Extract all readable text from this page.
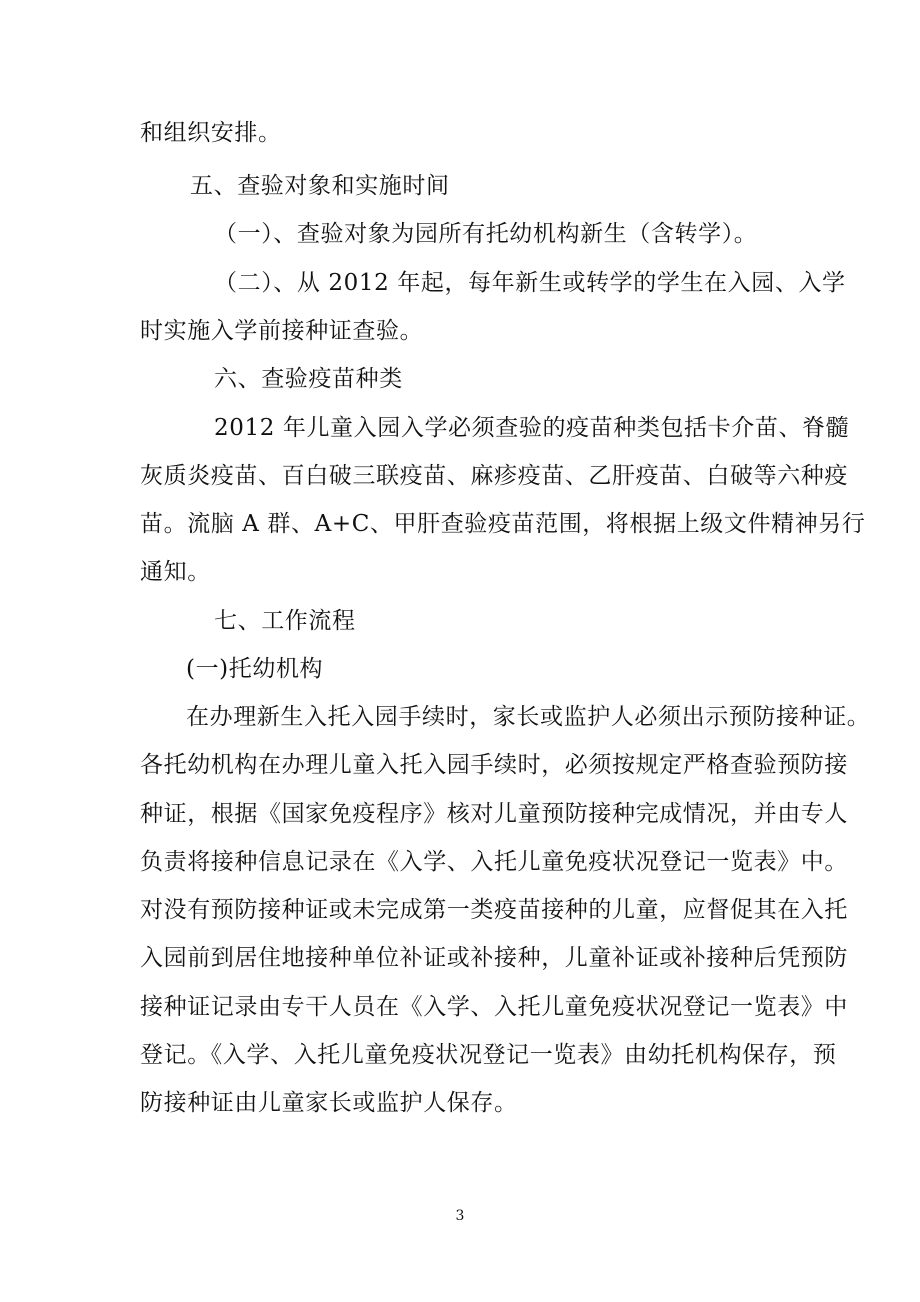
和组织安排。
五、查验对象和实施时间
（一）、查验对象为园所有托幼机构新生（含转学）。
（二）、从 2012 年起，每年新生或转学的学生在入园、入学
时实施入学前接种证查验。
六、查验疫苗种类
2012 年儿童入园入学必须查验的疫苗种类包括卡介苗、脊髓
灰质炎疫苗、百白破三联疫苗、麻疹疫苗、乙肝疫苗、白破等六种疫
苗。流脑 A 群、A+C、甲肝查验疫苗范围，将根据上级文件精神另行
通知。
七、工作流程
(一)托幼机构
在办理新生入托入园手续时，家长或监护人必须出示预防接种证。
各托幼机构在办理儿童入托入园手续时，必须按规定严格查验预防接
种证，根据《国家免疫程序》核对儿童预防接种完成情况，并由专人
负责将接种信息记录在《入学、入托儿童免疫状况登记一览表》中。
对没有预防接种证或未完成第一类疫苗接种的儿童，应督促其在入托
入园前到居住地接种单位补证或补接种，儿童补证或补接种后凭预防
接种证记录由专干人员在《入学、入托儿童免疫状况登记一览表》中
登记。《入学、入托儿童免疫状况登记一览表》由幼托机构保存，预
防接种证由儿童家长或监护人保存。
3
